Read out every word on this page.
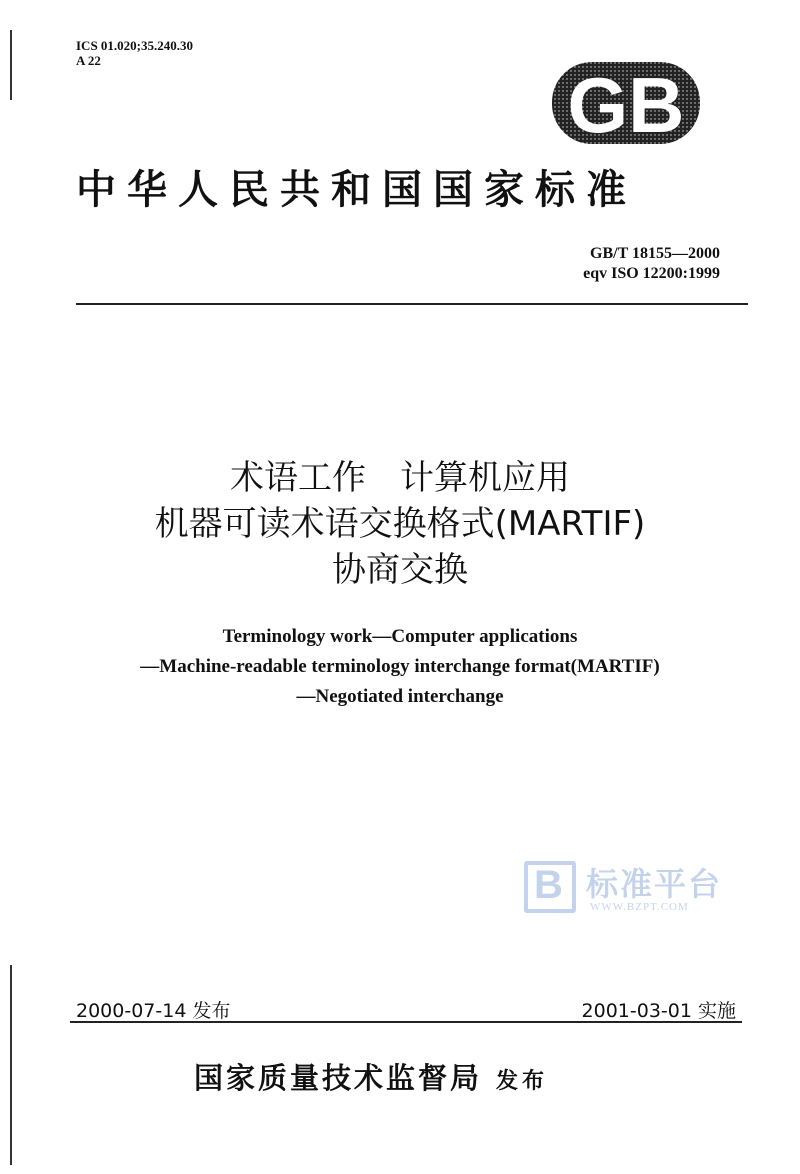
ICS 01.020;35.240.30
A 22
GB
中华人民共和国国家标准
GB/T 18155—2000
eqv ISO 12200:1999
术语工作　计算机应用
机器可读术语交换格式(MARTIF)
协商交换
Terminology work—Computer applications
—Machine-readable terminology interchange format(MARTIF)
—Negotiated interchange
B 标准平台
WWW.BZPT.COM
2000-07-14 发布	2001-03-01 实施
国家质量技术监督局 发布
